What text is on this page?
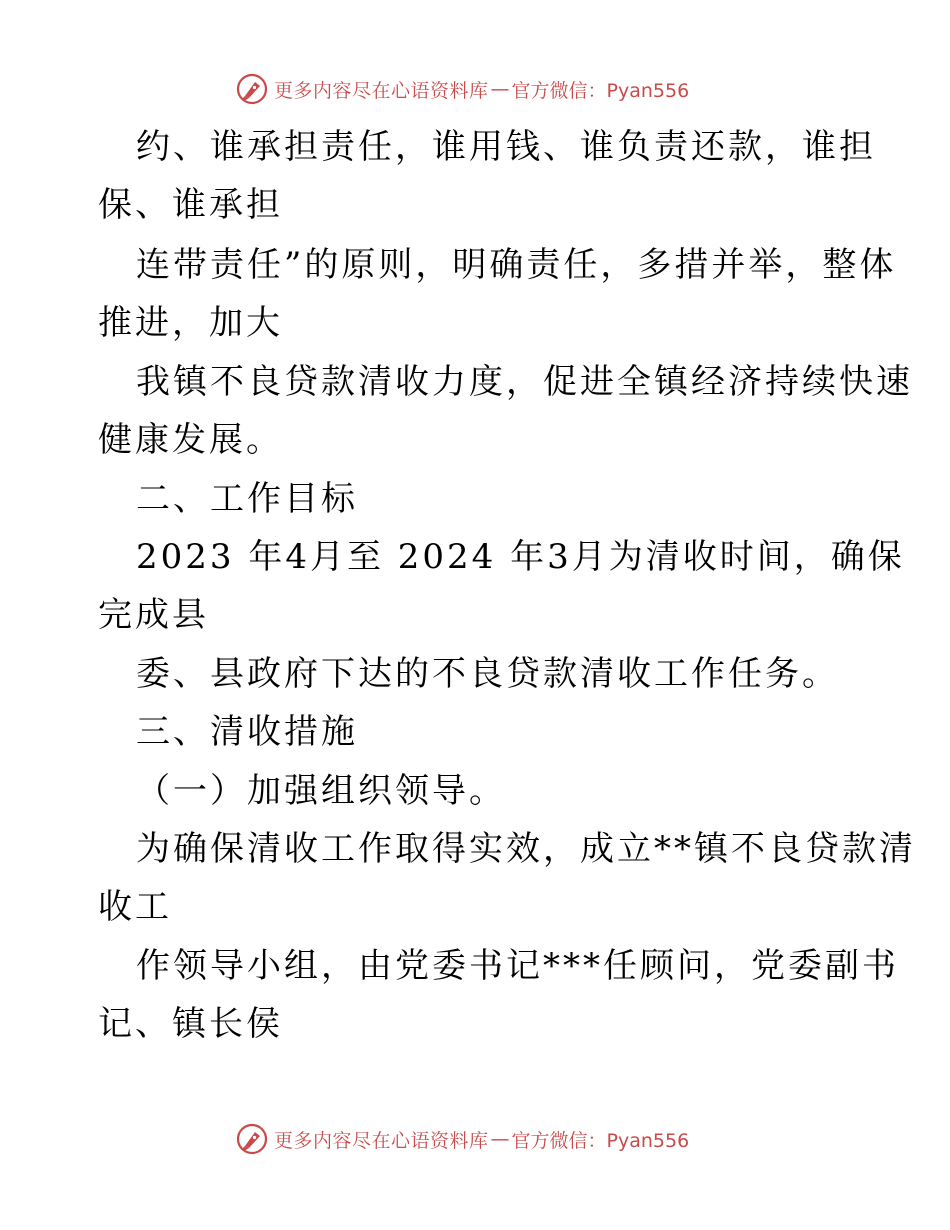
更多内容尽在心语资料库 — 官方微信：Pyan556
约、谁承担责任，谁用钱、谁负责还款，谁担
保、谁承担
连带责任”的原则，明确责任，多措并举，整体
推进，加大
我镇不良贷款清收力度，促进全镇经济持续快速
健康发展。
二、工作目标
2023 年4月至 2024 年3月为清收时间，确保
完成县
委、县政府下达的不良贷款清收工作任务。
三、清收措施
（一）加强组织领导。
为确保清收工作取得实效，成立**镇不良贷款清
收工
作领导小组，由党委书记***任顾问，党委副书
记、镇长侯
更多内容尽在心语资料库 — 官方微信：Pyan556
